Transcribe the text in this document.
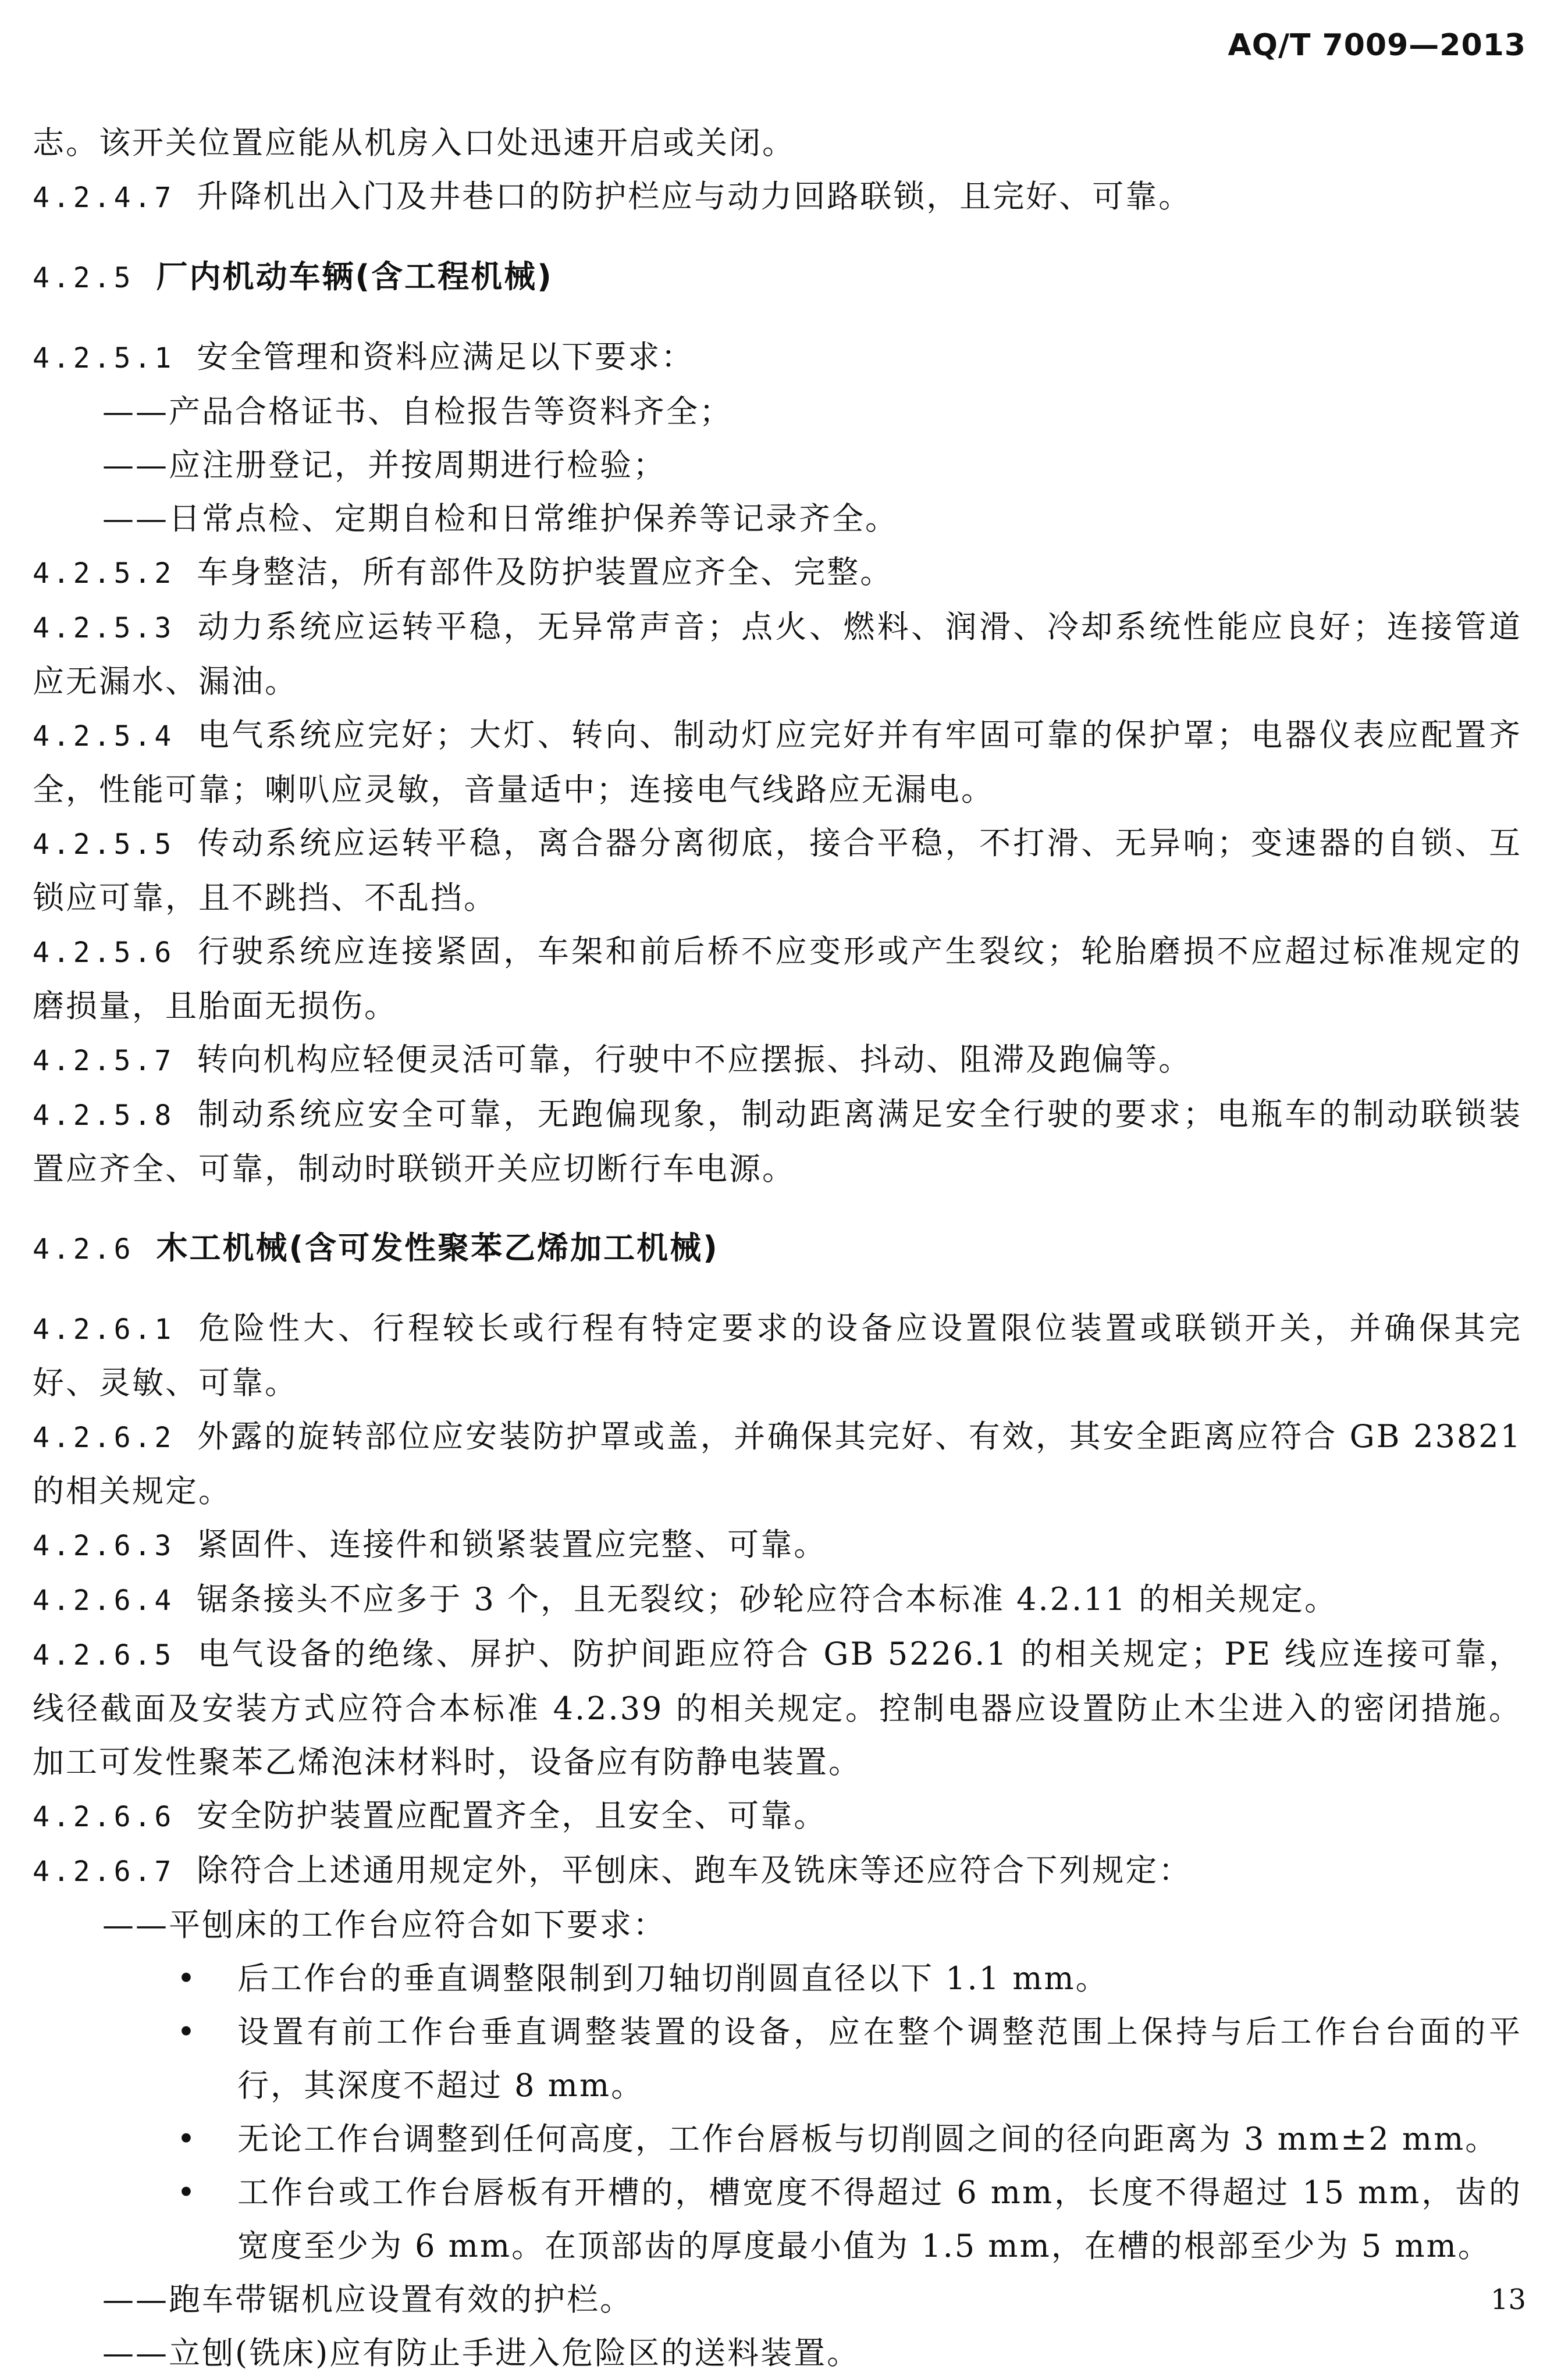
AQ/T 7009—2013

志。该开关位置应能从机房入口处迅速开启或关闭。

4.2.4.7 升降机出入门及井巷口的防护栏应与动力回路联锁，且完好、可靠。

4.2.5 厂内机动车辆(含工程机械)

4.2.5.1 安全管理和资料应满足以下要求：

——产品合格证书、自检报告等资料齐全；

——应注册登记，并按周期进行检验；

——日常点检、定期自检和日常维护保养等记录齐全。

4.2.5.2 车身整洁，所有部件及防护装置应齐全、完整。

4.2.5.3 动力系统应运转平稳，无异常声音；点火、燃料、润滑、冷却系统性能应良好；连接管道应无漏水、漏油。

4.2.5.4 电气系统应完好；大灯、转向、制动灯应完好并有牢固可靠的保护罩；电器仪表应配置齐全，性能可靠；喇叭应灵敏，音量适中；连接电气线路应无漏电。

4.2.5.5 传动系统应运转平稳，离合器分离彻底，接合平稳，不打滑、无异响；变速器的自锁、互锁应可靠，且不跳挡、不乱挡。

4.2.5.6 行驶系统应连接紧固，车架和前后桥不应变形或产生裂纹；轮胎磨损不应超过标准规定的磨损量，且胎面无损伤。

4.2.5.7 转向机构应轻便灵活可靠，行驶中不应摆振、抖动、阻滞及跑偏等。

4.2.5.8 制动系统应安全可靠，无跑偏现象，制动距离满足安全行驶的要求；电瓶车的制动联锁装置应齐全、可靠，制动时联锁开关应切断行车电源。

4.2.6 木工机械(含可发性聚苯乙烯加工机械)

4.2.6.1 危险性大、行程较长或行程有特定要求的设备应设置限位装置或联锁开关，并确保其完好、灵敏、可靠。

4.2.6.2 外露的旋转部位应安装防护罩或盖，并确保其完好、有效，其安全距离应符合 GB 23821 的相关规定。

4.2.6.3 紧固件、连接件和锁紧装置应完整、可靠。

4.2.6.4 锯条接头不应多于 3 个，且无裂纹；砂轮应符合本标准 4.2.11 的相关规定。

4.2.6.5 电气设备的绝缘、屏护、防护间距应符合 GB 5226.1 的相关规定；PE 线应连接可靠，线径截面及安装方式应符合本标准 4.2.39 的相关规定。控制电器应设置防止木尘进入的密闭措施。加工可发性聚苯乙烯泡沫材料时，设备应有防静电装置。

4.2.6.6 安全防护装置应配置齐全，且安全、可靠。

4.2.6.7 除符合上述通用规定外，平刨床、跑车及铣床等还应符合下列规定：

——平刨床的工作台应符合如下要求：

• 后工作台的垂直调整限制到刀轴切削圆直径以下 1.1 mm。

• 设置有前工作台垂直调整装置的设备，应在整个调整范围上保持与后工作台台面的平行，其深度不超过 8 mm。

• 无论工作台调整到任何高度，工作台唇板与切削圆之间的径向距离为 3 mm±2 mm。

• 工作台或工作台唇板有开槽的，槽宽度不得超过 6 mm，长度不得超过 15 mm，齿的宽度至少为 6 mm。在顶部齿的厚度最小值为 1.5 mm，在槽的根部至少为 5 mm。

——跑车带锯机应设置有效的护栏。

——立刨(铣床)应有防止手进入危险区的送料装置。

13
